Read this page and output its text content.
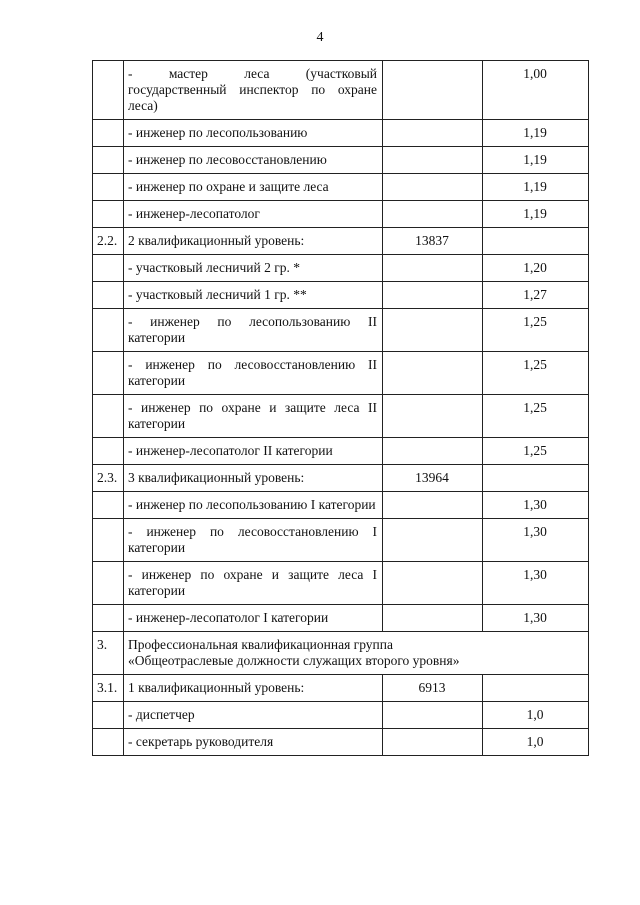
4
	- мастер леса (участковый государственный инспектор по охране леса)		1,00
	- инженер по лесопользованию		1,19
	- инженер по лесовосстановлению		1,19
	- инженер по охране и защите леса		1,19
	- инженер-лесопатолог		1,19
2.2.	2 квалификационный уровень:	13837	
	- участковый лесничий 2 гр. *		1,20
	- участковый лесничий 1 гр. **		1,27
	- инженер по лесопользованию II категории		1,25
	- инженер по лесовосстановлению II категории		1,25
	- инженер по охране и защите леса II категории		1,25
	- инженер-лесопатолог II категории		1,25
2.3.	3 квалификационный уровень:	13964	
	- инженер по лесопользованию I категории		1,30
	- инженер по лесовосстановлению I категории		1,30
	- инженер по охране и защите леса I категории		1,30
	- инженер-лесопатолог I категории		1,30
3.	Профессиональная квалификационная группа
«Общеотраслевые должности служащих второго уровня»		

3.1.	1 квалификационный уровень:	6913	
	- диспетчер		1,0
	- секретарь руководителя		1,0
